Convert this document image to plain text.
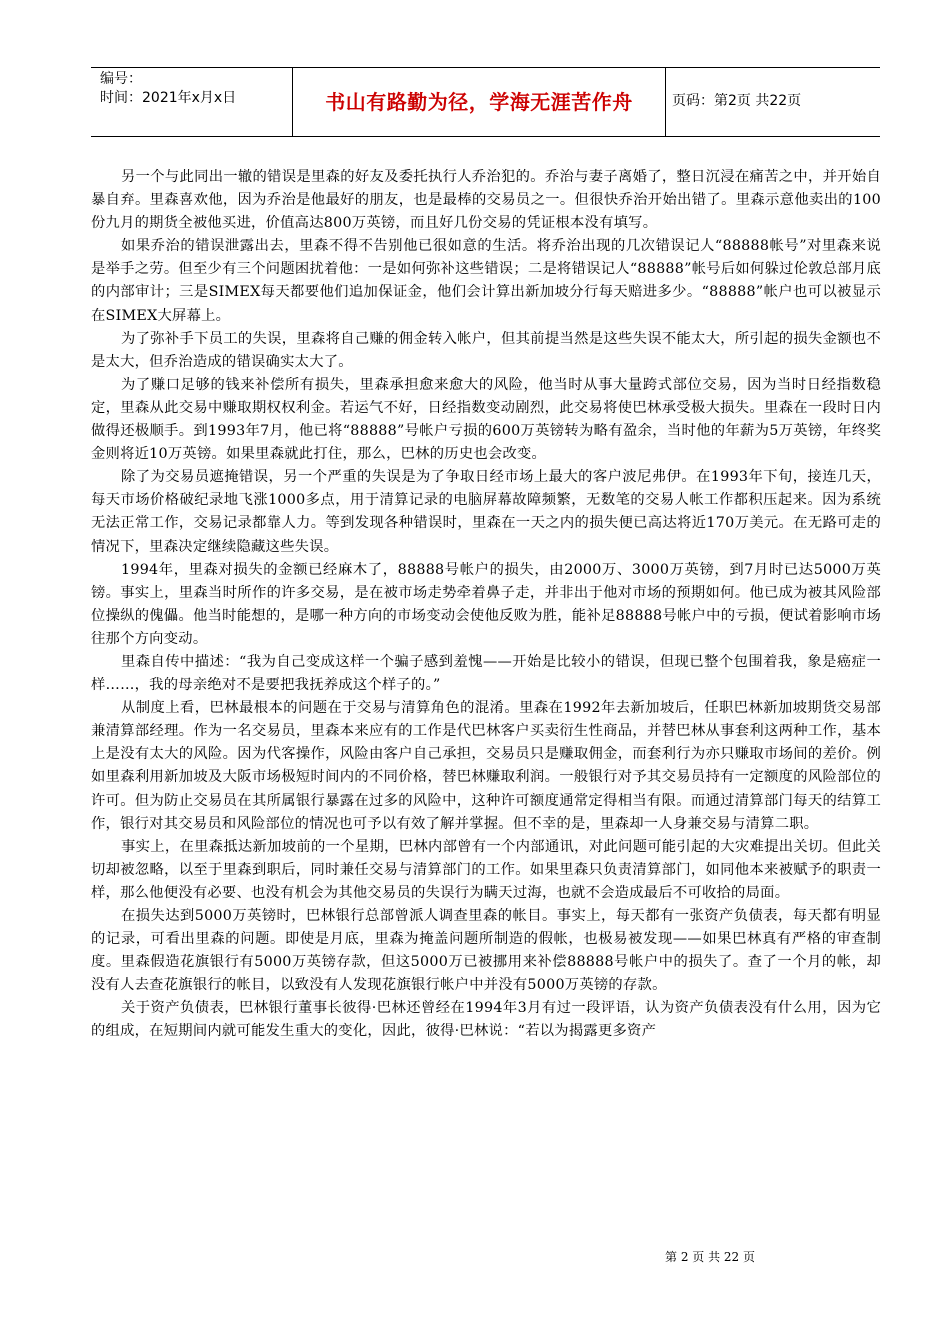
编号：
时间：2021年x月x日	书山有路勤为径，学海无涯苦作舟	页码：第2页 共22页

另一个与此同出一辙的错误是里森的好友及委托执行人乔治犯的。乔治与妻子离婚了，整日沉浸在痛苦之中，并开始自暴自弃。里森喜欢他，因为乔治是他最好的朋友，也是最棒的交易员之一。但很快乔治开始出错了。里森示意他卖出的100份九月的期货全被他买进，价值高达800万英镑，而且好几份交易的凭证根本没有填写。

如果乔治的错误泄露出去，里森不得不告别他已很如意的生活。将乔治出现的几次错误记人“88888帐号”对里森来说是举手之劳。但至少有三个问题困扰着他：一是如何弥补这些错误；二是将错误记人“88888”帐号后如何躲过伦敦总部月底的内部审计；三是SIMEX每天都要他们追加保证金，他们会计算出新加坡分行每天赔进多少。“88888”帐户也可以被显示在SIMEX大屏幕上。

为了弥补手下员工的失误，里森将自己赚的佣金转入帐户，但其前提当然是这些失误不能太大，所引起的损失金额也不是太大，但乔治造成的错误确实太大了。

为了赚口足够的钱来补偿所有损失，里森承担愈来愈大的风险，他当时从事大量跨式部位交易，因为当时日经指数稳定，里森从此交易中赚取期权权利金。若运气不好，日经指数变动剧烈，此交易将使巴林承受极大损失。里森在一段时日内做得还极顺手。到1993年7月，他已将“88888”号帐户亏损的600万英镑转为略有盈余，当时他的年薪为5万英镑，年终奖金则将近10万英镑。如果里森就此打住，那么，巴林的历史也会改变。

除了为交易员遮掩错误，另一个严重的失误是为了争取日经市场上最大的客户波尼弗伊。在1993年下旬，接连几天，每天市场价格破纪录地飞涨1000多点，用于清算记录的电脑屏幕故障频繁，无数笔的交易人帐工作都积压起来。因为系统无法正常工作，交易记录都靠人力。等到发现各种错误时，里森在一天之内的损失便已高达将近170万美元。在无路可走的情况下，里森决定继续隐藏这些失误。

1994年，里森对损失的金额已经麻木了，88888号帐户的损失，由2000万、3000万英镑，到7月时已达5000万英镑。事实上，里森当时所作的许多交易，是在被市场走势牵着鼻子走，并非出于他对市场的预期如何。他已成为被其风险部位操纵的傀儡。他当时能想的，是哪一种方向的市场变动会使他反败为胜，能补足88888号帐户中的亏损，便试着影响市场往那个方向变动。

里森自传中描述：“我为自己变成这样一个骗子感到羞愧——开始是比较小的错误，但现已整个包围着我，象是癌症一样……，我的母亲绝对不是要把我抚养成这个样子的。”

从制度上看，巴林最根本的问题在于交易与清算角色的混淆。里森在1992年去新加坡后，任职巴林新加坡期货交易部兼清算部经理。作为一名交易员，里森本来应有的工作是代巴林客户买卖衍生性商品，并替巴林从事套利这两种工作，基本上是没有太大的风险。因为代客操作，风险由客户自己承担，交易员只是赚取佣金，而套利行为亦只赚取市场间的差价。例如里森利用新加坡及大阪市场极短时间内的不同价格，替巴林赚取利润。一般银行对予其交易员持有一定额度的风险部位的许可。但为防止交易员在其所属银行暴露在过多的风险中，这种许可额度通常定得相当有限。而通过清算部门每天的结算工作，银行对其交易员和风险部位的情况也可予以有效了解并掌握。但不幸的是，里森却一人身兼交易与清算二职。

事实上，在里森抵达新加坡前的一个星期，巴林内部曾有一个内部通讯，对此问题可能引起的大灾难提出关切。但此关切却被忽略，以至于里森到职后，同时兼任交易与清算部门的工作。如果里森只负责清算部门，如同他本来被赋予的职责一样，那么他便没有必要、也没有机会为其他交易员的失误行为瞒天过海，也就不会造成最后不可收拾的局面。

在损失达到5000万英镑时，巴林银行总部曾派人调查里森的帐目。事实上，每天都有一张资产负债表，每天都有明显的记录，可看出里森的问题。即使是月底，里森为掩盖问题所制造的假帐，也极易被发现——如果巴林真有严格的审查制度。里森假造花旗银行有5000万英镑存款，但这5000万已被挪用来补偿88888号帐户中的损失了。查了一个月的帐，却没有人去查花旗银行的帐目，以致没有人发现花旗银行帐户中并没有5000万英镑的存款。

关于资产负债表，巴林银行董事长彼得·巴林还曾经在1994年3月有过一段评语，认为资产负债表没有什么用，因为它的组成，在短期间内就可能发生重大的变化，因此，彼得·巴林说：“若以为揭露更多资产

第 2 页 共 22 页
